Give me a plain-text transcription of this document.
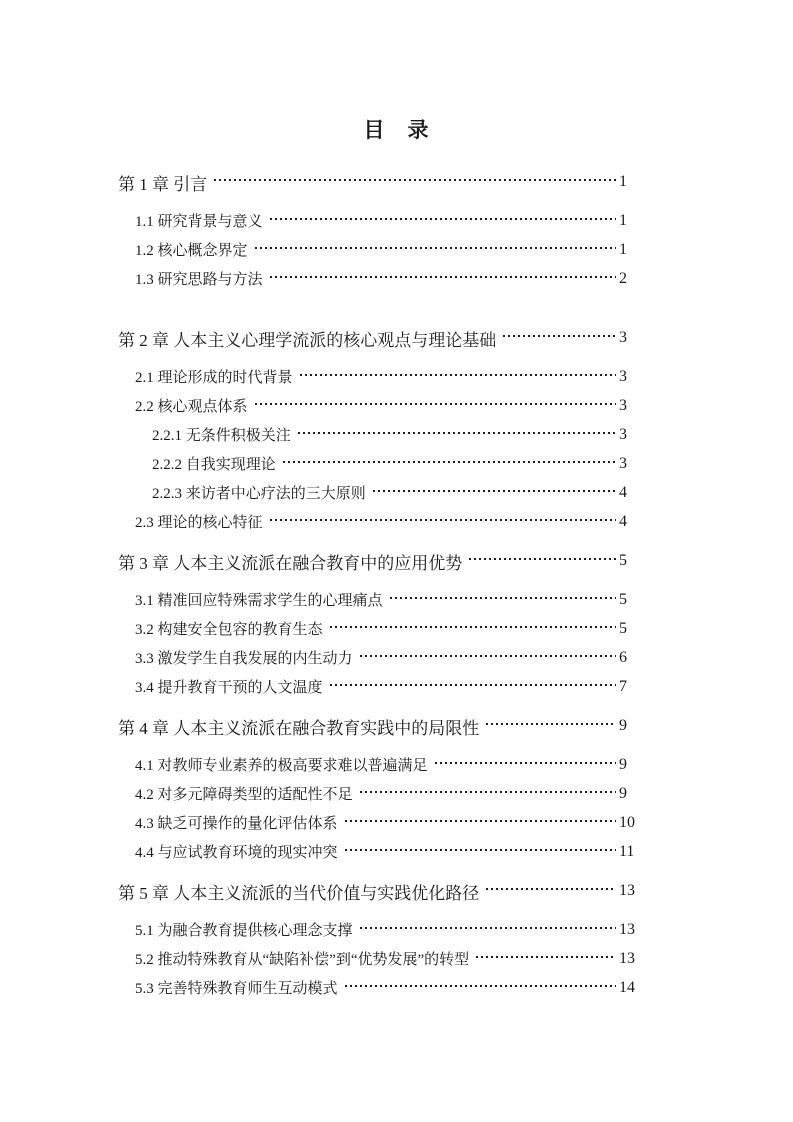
目　录
第 1 章 引言	1
1.1 研究背景与意义	1
1.2 核心概念界定	1
1.3 研究思路与方法	2
第 2 章 人本主义心理学流派的核心观点与理论基础	3
2.1 理论形成的时代背景	3
2.2 核心观点体系	3
2.2.1 无条件积极关注	3
2.2.2 自我实现理论	3
2.2.3 来访者中心疗法的三大原则	4
2.3 理论的核心特征	4
第 3 章 人本主义流派在融合教育中的应用优势	5
3.1 精准回应特殊需求学生的心理痛点	5
3.2 构建安全包容的教育生态	5
3.3 激发学生自我发展的内生动力	6
3.4 提升教育干预的人文温度	7
第 4 章 人本主义流派在融合教育实践中的局限性	9
4.1 对教师专业素养的极高要求难以普遍满足	9
4.2 对多元障碍类型的适配性不足	9
4.3 缺乏可操作的量化评估体系	10
4.4 与应试教育环境的现实冲突	11
第 5 章 人本主义流派的当代价值与实践优化路径	13
5.1 为融合教育提供核心理念支撑	13
5.2 推动特殊教育从“缺陷补偿”到“优势发展”的转型	13
5.3 完善特殊教育师生互动模式	14
